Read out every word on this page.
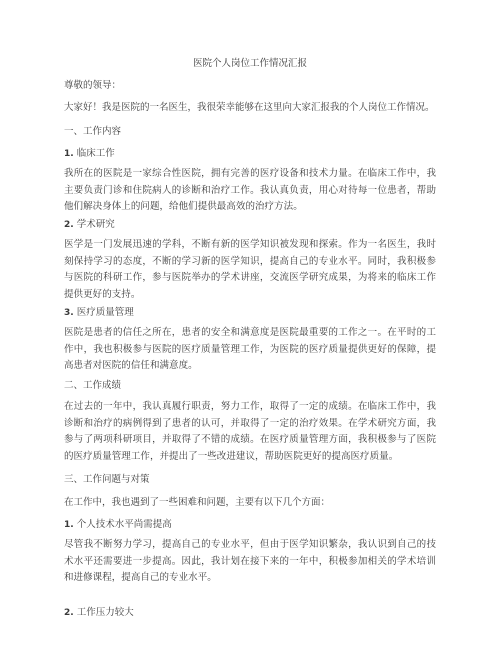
医院个人岗位工作情况汇报
尊敬的领导：
大家好！我是医院的一名医生，我很荣幸能够在这里向大家汇报我的个人岗位工作情况。
一、工作内容
1. 临床工作
我所在的医院是一家综合性医院，拥有完善的医疗设备和技术力量。在临床工作中，我主要负责门诊和住院病人的诊断和治疗工作。我认真负责，用心对待每一位患者，帮助他们解决身体上的问题，给他们提供最高效的治疗方法。
2. 学术研究
医学是一门发展迅速的学科，不断有新的医学知识被发现和探索。作为一名医生，我时刻保持学习的态度，不断的学习新的医学知识，提高自己的专业水平。同时，我积极参与医院的科研工作，参与医院举办的学术讲座，交流医学研究成果，为将来的临床工作提供更好的支持。
3. 医疗质量管理
医院是患者的信任之所在，患者的安全和满意度是医院最重要的工作之一。在平时的工作中，我也积极参与医院的医疗质量管理工作，为医院的医疗质量提供更好的保障，提高患者对医院的信任和满意度。
二、工作成绩
在过去的一年中，我认真履行职责，努力工作，取得了一定的成绩。在临床工作中，我诊断和治疗的病例得到了患者的认可，并取得了一定的治疗效果。在学术研究方面，我参与了两项科研项目，并取得了不错的成绩。在医疗质量管理方面，我积极参与了医院的医疗质量管理工作，并提出了一些改进建议，帮助医院更好的提高医疗质量。
三、工作问题与对策
在工作中，我也遇到了一些困难和问题，主要有以下几个方面：
1. 个人技术水平尚需提高
尽管我不断努力学习，提高自己的专业水平，但由于医学知识繁杂，我认识到自己的技术水平还需要进一步提高。因此，我计划在接下来的一年中，积极参加相关的学术培训和进修课程，提高自己的专业水平。
2. 工作压力较大
